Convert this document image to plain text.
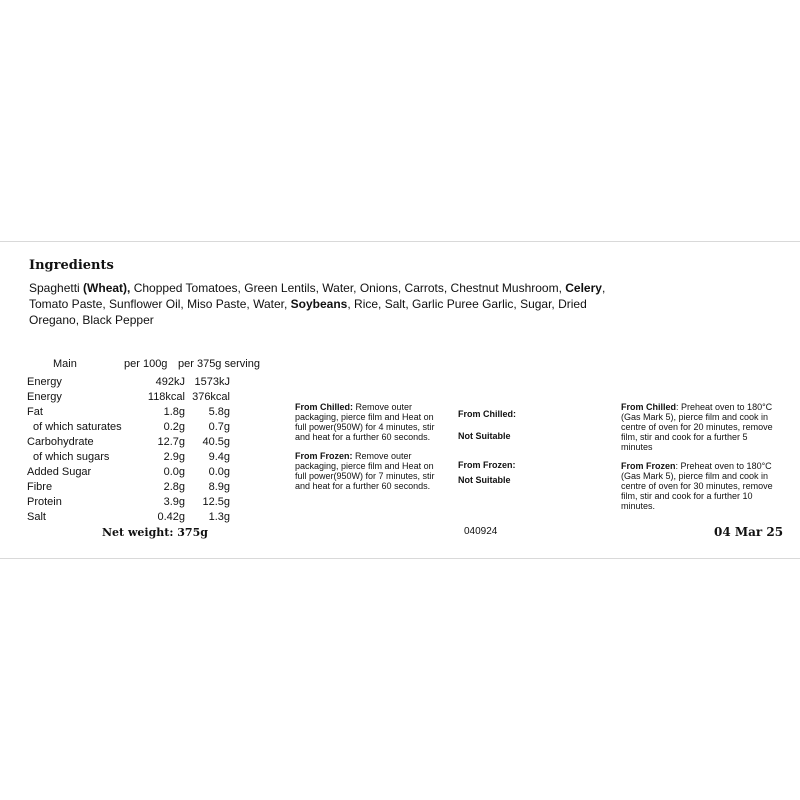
Ingredients
Spaghetti (Wheat), Chopped Tomatoes, Green Lentils, Water, Onions, Carrots, Chestnut Mushroom, Celery, Tomato Paste, Sunflower Oil, Miso Paste, Water, Soybeans, Rice, Salt, Garlic Puree Garlic, Sugar, Dried Oregano, Black Pepper
Main	per 100g per 375g serving
Energy	492kJ 1573kJ
Energy	118kcal 376kcal
Fat	1.8g	5.8g
of which saturates	0.2g	0.7g
Carbohydrate	12.7g	40.5g
of which sugars	2.9g	9.4g
Added Sugar	0.0g	0.0g
Fibre	2.8g	8.9g
Protein	3.9g	12.5g
Salt	0.42g	1.3g
Net weight: 375g
From Chilled: Remove outer packaging, pierce film and Heat on full power(950W) for 4 minutes, stir and heat for a further 60 seconds.
From Frozen: Remove outer packaging, pierce film and Heat on full power(950W) for 7 minutes, stir and heat for a further 60 seconds.
From Chilled:
Not Suitable
From Frozen:
Not Suitable
From Chilled: Preheat oven to 180°C (Gas Mark 5), pierce film and cook in centre of oven for 20 minutes, remove film, stir and cook for a further 5 minutes
From Frozen: Preheat oven to 180°C (Gas Mark 5), pierce film and cook in centre of oven for 30 minutes, remove film, stir and cook for a further 10 minutes.
040924	04 Mar 25
